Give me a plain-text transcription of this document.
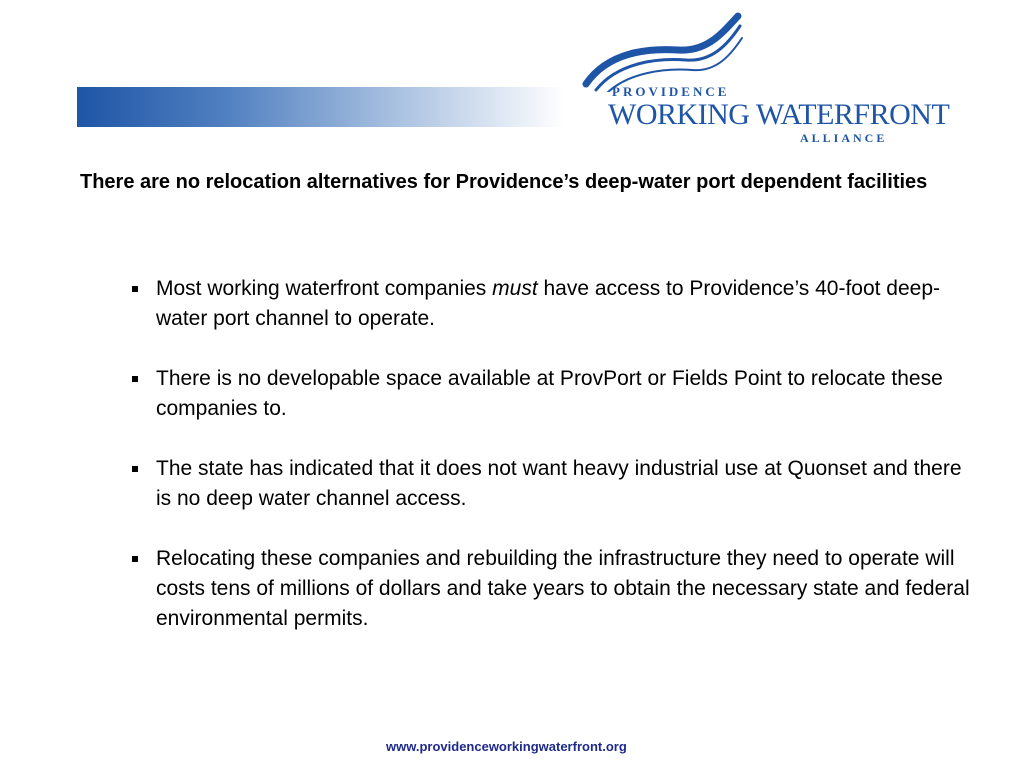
PROVIDENCE
WORKING WATERFRONT
ALLIANCE
There are no relocation alternatives for Providence’s deep-water port dependent facilities
Most working waterfront companies must have access to Providence’s 40-foot deep-water port channel to operate.
There is no developable space available at ProvPort or Fields Point to relocate these companies to.
The state has indicated that it does not want heavy industrial use at Quonset and there is no deep water channel access.
Relocating these companies and rebuilding the infrastructure they need to operate will costs tens of millions of dollars and take years to obtain the necessary state and federal environmental permits.
www.providenceworkingwaterfront.org
